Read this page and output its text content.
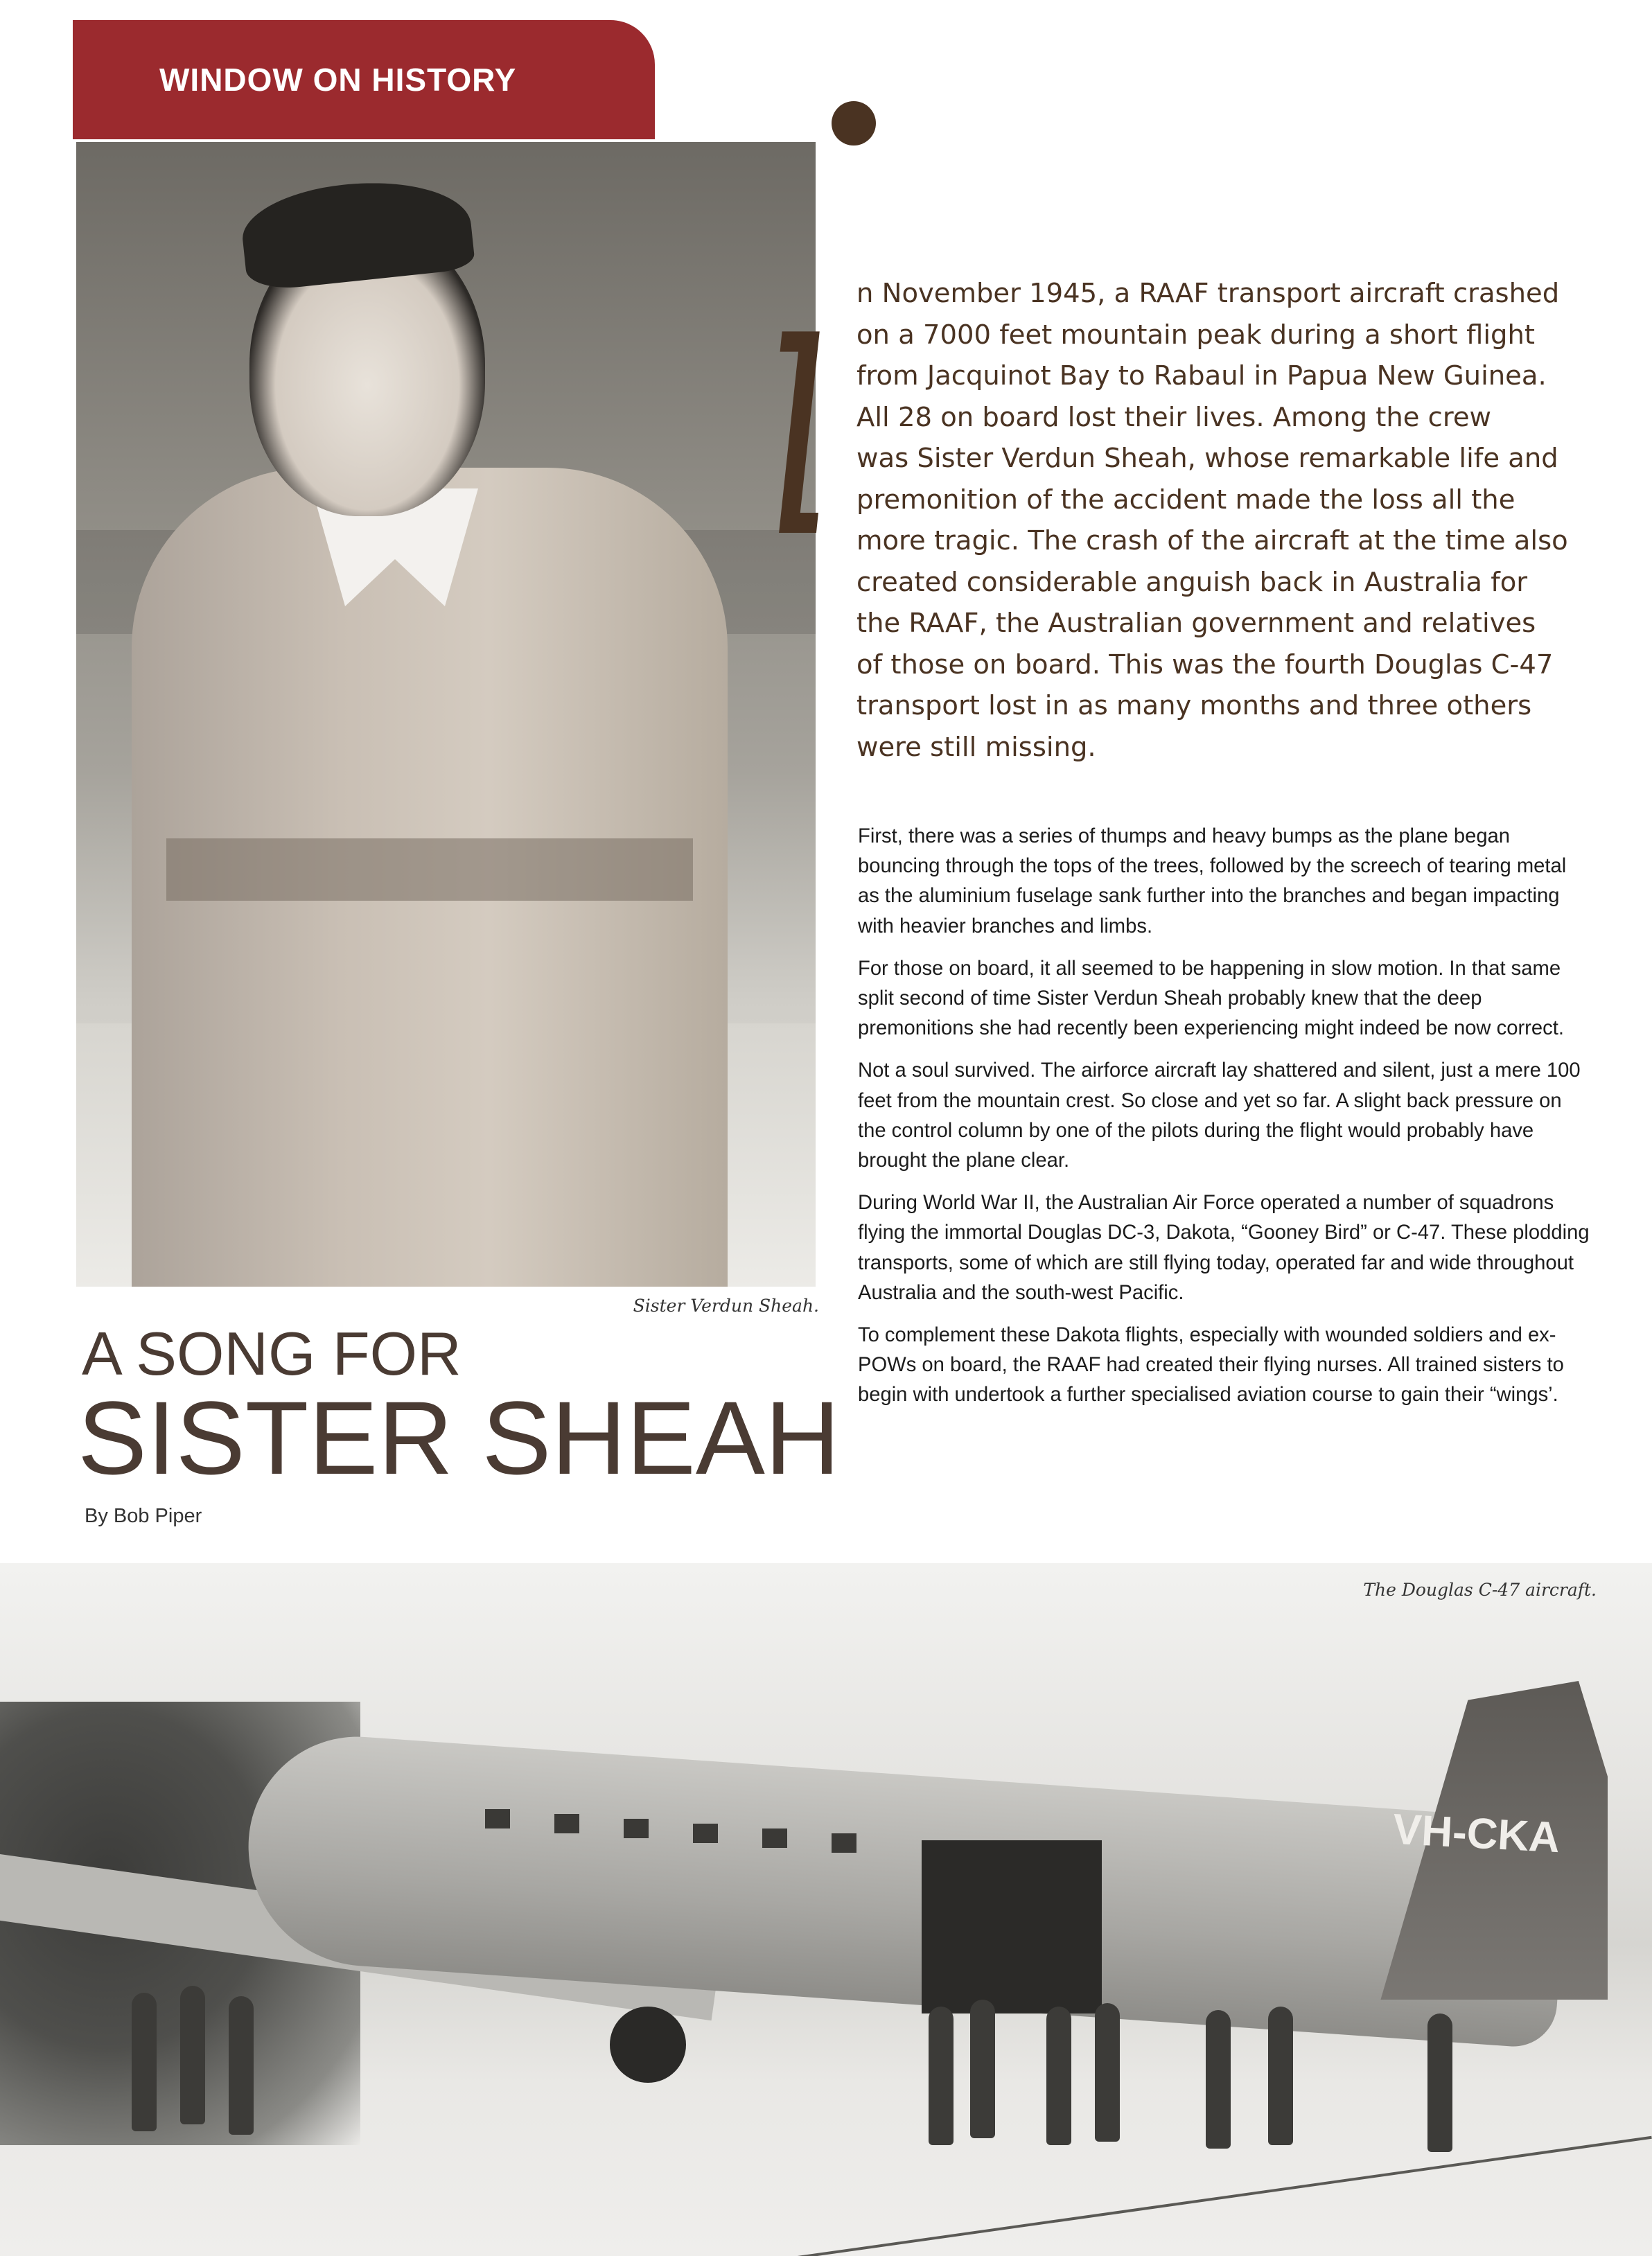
WINDOW ON HISTORY
Sister Verdun Sheah.
A SONG FOR
SISTER SHEAH
By Bob Piper
ı
n November 1945, a RAAF transport aircraft crashed
on a 7000 feet mountain peak during a short flight
from Jacquinot Bay to Rabaul in Papua New Guinea.
All 28 on board lost their lives. Among the crew
was Sister Verdun Sheah, whose remarkable life and
premonition of the accident made the loss all the
more tragic. The crash of the aircraft at the time also
created considerable anguish back in Australia for
the RAAF, the Australian government and relatives
of those on board. This was the fourth Douglas C-47
transport lost in as many months and three others
were still missing.

First, there was a series of thumps and heavy bumps as the plane began bouncing through the tops of the trees, followed by the screech of tearing metal as the aluminium fuselage sank further into the branches and began impacting with heavier branches and limbs.

For those on board, it all seemed to be happening in slow motion. In that same split second of time Sister Verdun Sheah probably knew that the deep premonitions she had recently been experiencing might indeed be now correct.

Not a soul survived. The airforce aircraft lay shattered and silent, just a mere 100 feet from the mountain crest. So close and yet so far. A slight back pressure on the control column by one of the pilots during the flight would probably have brought the plane clear.

During World War II, the Australian Air Force operated a number of squadrons flying the immortal Douglas DC-3, Dakota, “Gooney Bird” or C-47. These plodding transports, some of which are still flying today, operated far and wide throughout Australia and the south-west Pacific.

To complement these Dakota flights, especially with wounded soldiers and ex-POWs on board, the RAAF had created their flying nurses. All trained sisters to begin with undertook a further specialised aviation course to gain their “wings’.

VH-CKA
The Douglas C-47 aircraft.
